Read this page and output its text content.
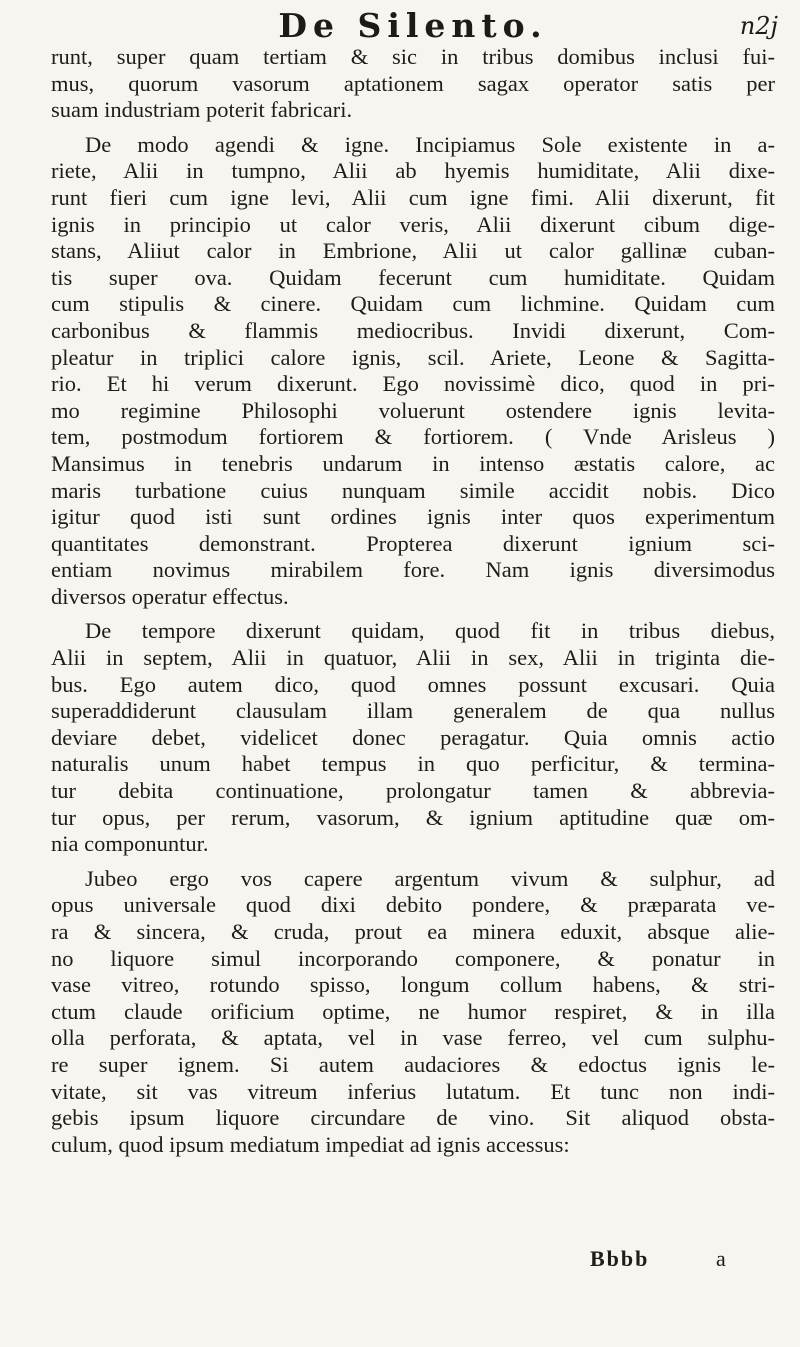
De Silento.	n2j
runt, super quam tertiam & sic in tribus domibus inclusi fui-
mus, quorum vasorum aptationem sagax operator satis per
suam industriam poterit fabricari.
De modo agendi & igne. Incipiamus Sole existente in a-
riete, Alii in tumpno, Alii ab hyemis humiditate, Alii dixe-
runt fieri cum igne levi, Alii cum igne fimi. Alii dixerunt, fit
ignis in principio ut calor veris, Alii dixerunt cibum dige-
stans, Aliiut calor in Embrione, Alii ut calor gallinæ cuban-
tis super ova. Quidam fecerunt cum humiditate. Quidam
cum stipulis & cinere. Quidam cum lichmine. Quidam cum
carbonibus & flammis mediocribus. Invidi dixerunt, Com-
pleatur in triplici calore ignis, scil. Ariete, Leone & Sagitta-
rio. Et hi verum dixerunt. Ego novissimè dico, quod in pri-
mo regimine Philosophi voluerunt ostendere ignis levita-
tem, postmodum fortiorem & fortiorem. ( Vnde Arisleus )
Mansimus in tenebris undarum in intenso æstatis calore, ac
maris turbatione cuius nunquam simile accidit nobis. Dico
igitur quod isti sunt ordines ignis inter quos experimentum
quantitates demonstrant. Propterea dixerunt ignium sci-
entiam novimus mirabilem fore. Nam ignis diversimodus
diversos operatur effectus.
De tempore dixerunt quidam, quod fit in tribus diebus,
Alii in septem, Alii in quatuor, Alii in sex, Alii in triginta die-
bus. Ego autem dico, quod omnes possunt excusari. Quia
superaddiderunt clausulam illam generalem de qua nullus
deviare debet, videlicet donec peragatur. Quia omnis actio
naturalis unum habet tempus in quo perficitur, & termina-
tur debita continuatione, prolongatur tamen & abbrevia-
tur opus, per rerum, vasorum, & ignium aptitudine quæ om-
nia componuntur.
Jubeo ergo vos capere argentum vivum & sulphur, ad
opus universale quod dixi debito pondere, & præparata ve-
ra & sincera, & cruda, prout ea minera eduxit, absque alie-
no liquore simul incorporando componere, & ponatur in
vase vitreo, rotundo spisso, longum collum habens, & stri-
ctum claude orificium optime, ne humor respiret, & in illa
olla perforata, & aptata, vel in vase ferreo, vel cum sulphu-
re super ignem. Si autem audaciores & edoctus ignis le-
vitate, sit vas vitreum inferius lutatum. Et tunc non indi-
gebis ipsum liquore circundare de vino. Sit aliquod obsta-
culum, quod ipsum mediatum impediat ad ignis accessus:
Bbbb	a
